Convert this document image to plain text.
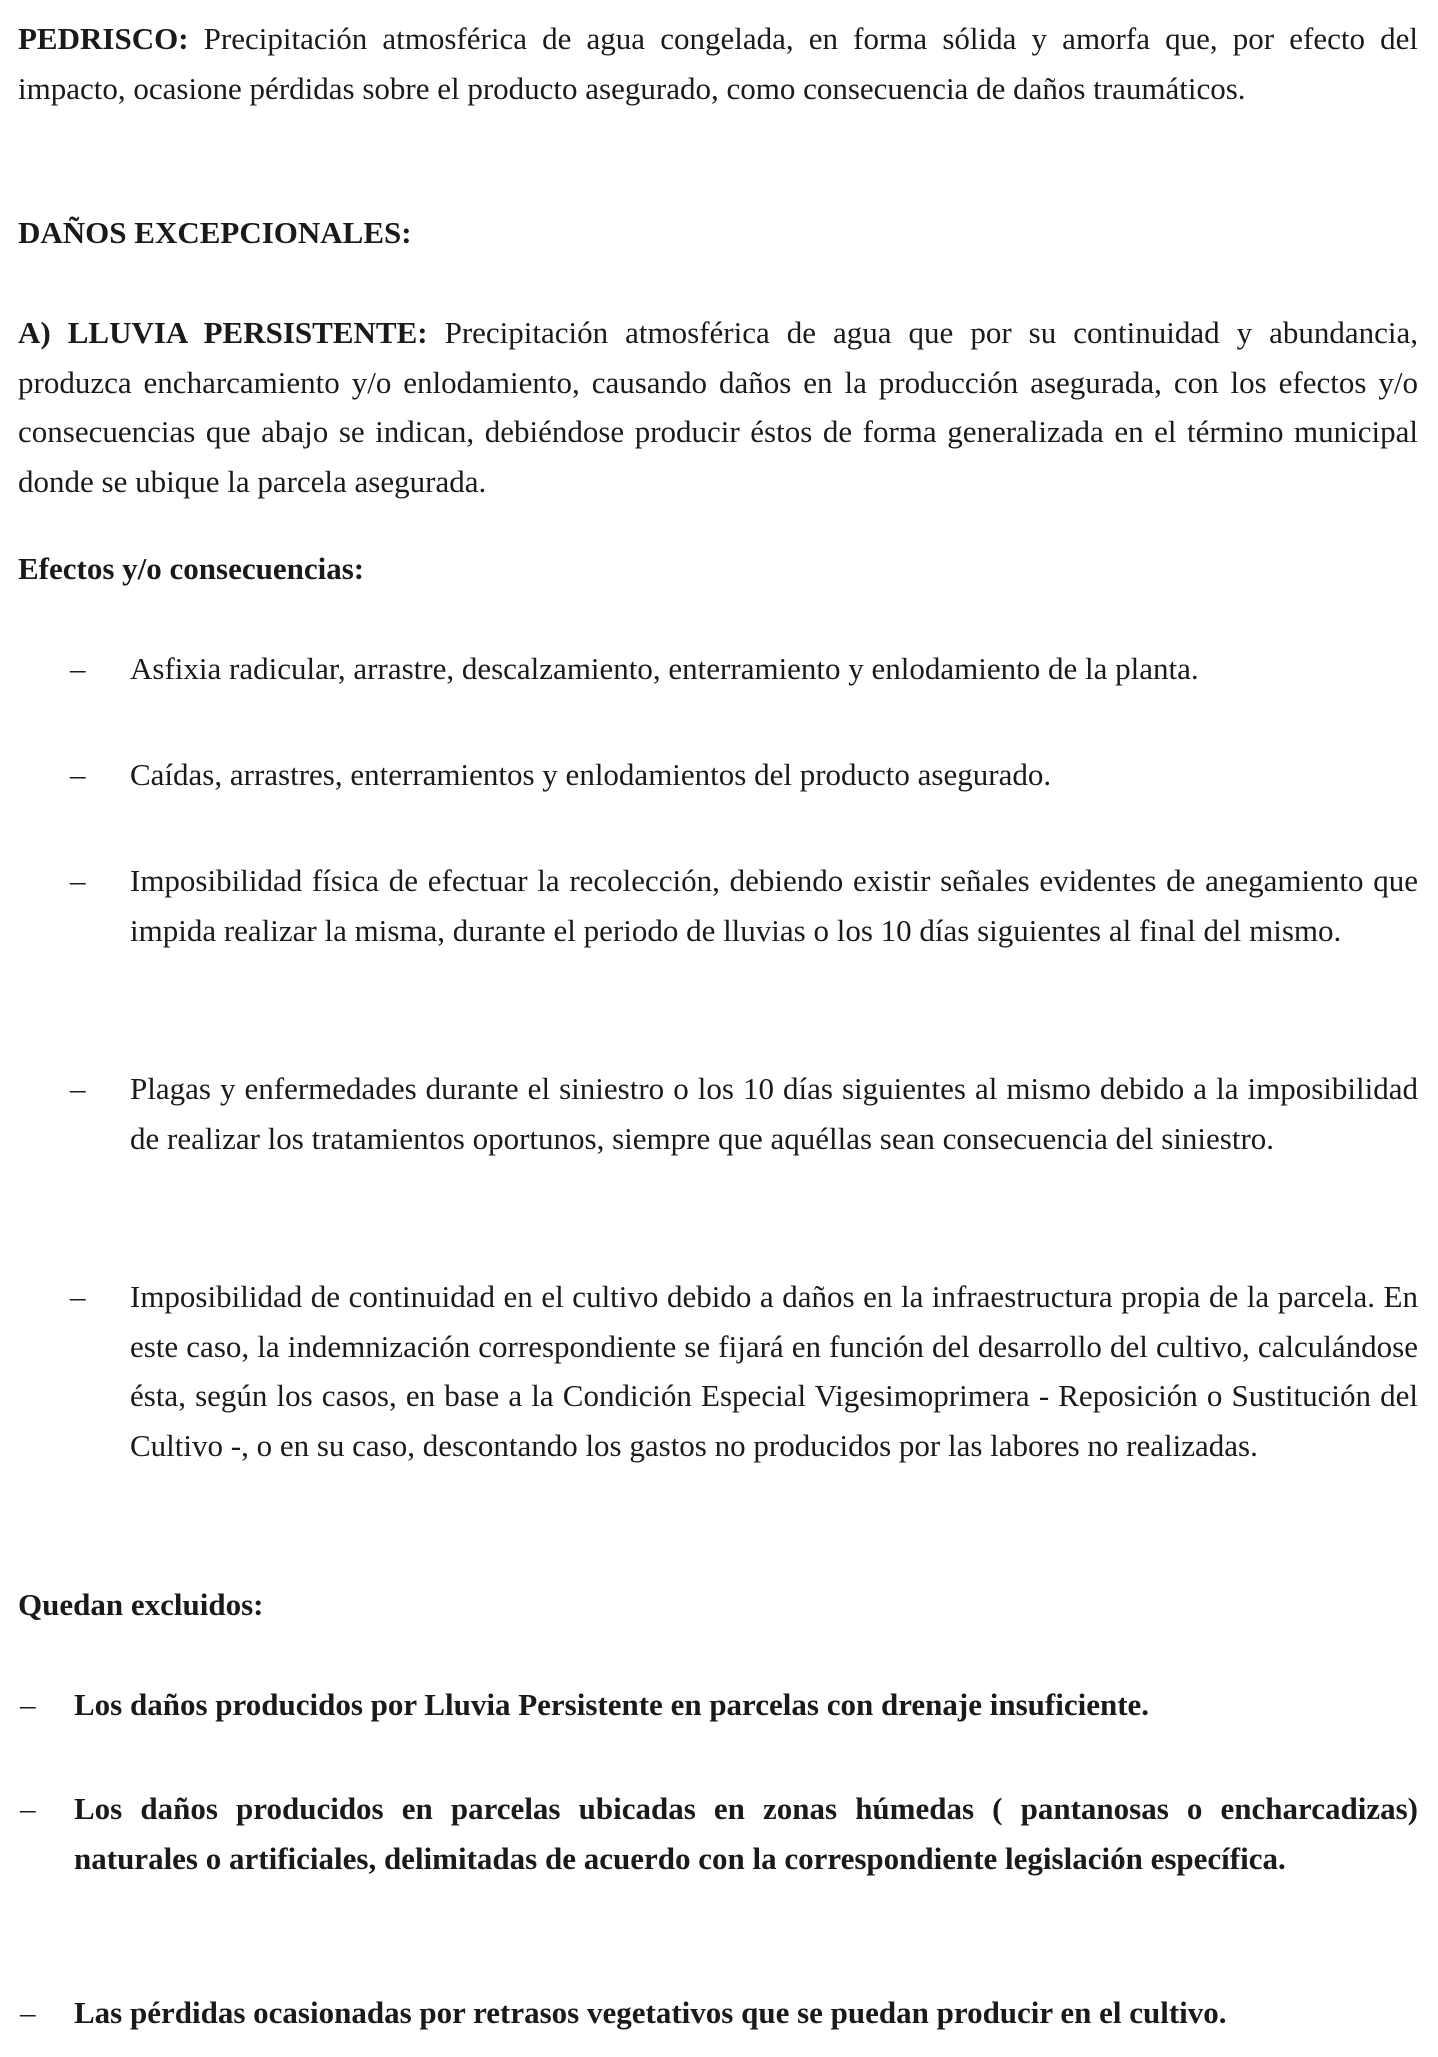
PEDRISCO: Precipitación atmosférica de agua congelada, en forma sólida y amorfa que, por efecto del impacto, ocasione pérdidas sobre el producto asegurado, como consecuencia de daños traumáticos.

DAÑOS EXCEPCIONALES:

A) LLUVIA PERSISTENTE: Precipitación atmosférica de agua que por su continuidad y abundancia, produzca encharcamiento y/o enlodamiento, causando daños en la producción asegurada, con los efectos y/o consecuencias que abajo se indican, debiéndose producir éstos de forma generalizada en el término municipal donde se ubique la parcela asegurada.

Efectos y/o consecuencias:

–	Asfixia radicular, arrastre, descalzamiento, enterramiento y enlodamiento de la planta.

–	Caídas, arrastres, enterramientos y enlodamientos del producto asegurado.

–	Imposibilidad física de efectuar la recolección, debiendo existir señales evidentes de anegamiento que impida realizar la misma, durante el periodo de lluvias o los 10 días siguientes al final del mismo.

–	Plagas y enfermedades durante el siniestro o los 10 días siguientes al mismo debido a la imposibilidad de realizar los tratamientos oportunos, siempre que aquéllas sean consecuencia del siniestro.

–	Imposibilidad de continuidad en el cultivo debido a daños en la infraestructura propia de la parcela. En este caso, la indemnización correspondiente se fijará en función del desarrollo del cultivo, calculándose ésta, según los casos, en base a la Condición Especial Vigesimoprimera - Reposición o Sustitución del Cultivo -, o en su caso, descontando los gastos no producidos por las labores no realizadas.

Quedan excluidos:

– Los daños producidos por Lluvia Persistente en parcelas con drenaje insuficiente.

– Los daños producidos en parcelas ubicadas en zonas húmedas ( pantanosas o encharcadizas) naturales o artificiales, delimitadas de acuerdo con la correspondiente legislación específica.

– Las pérdidas ocasionadas por retrasos vegetativos que se puedan producir en el cultivo.
